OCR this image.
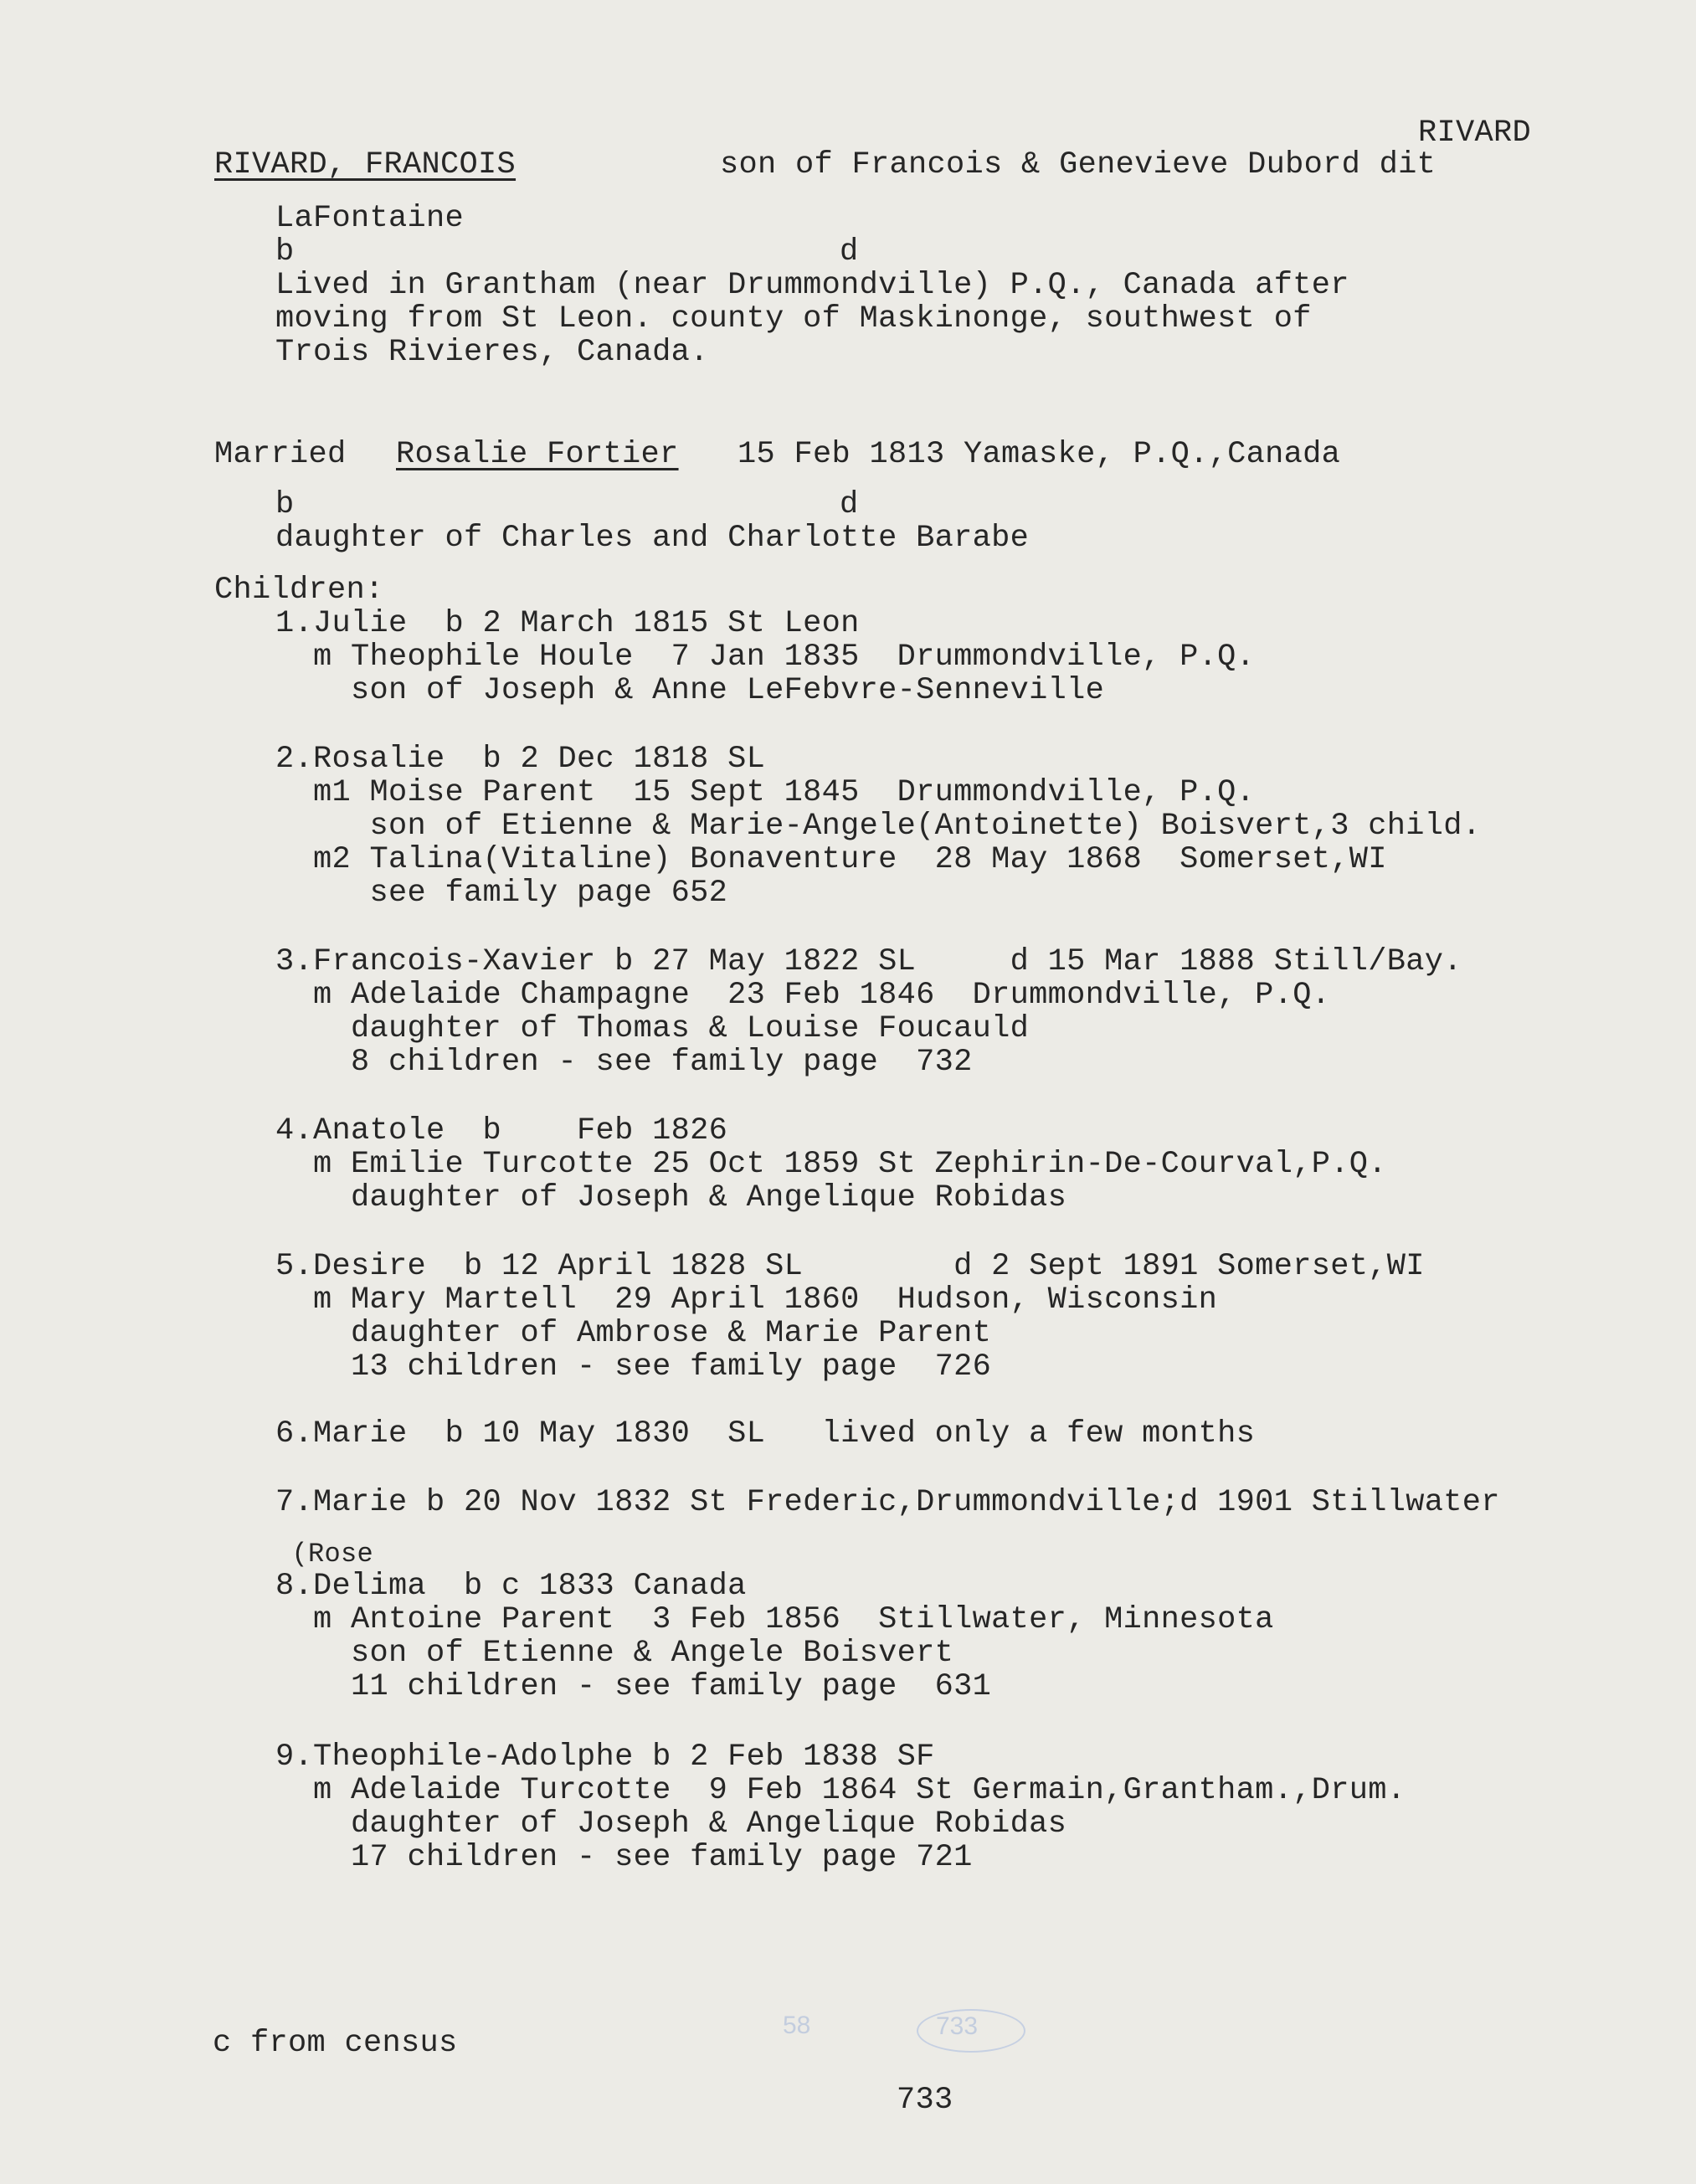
RIVARD
RIVARD, FRANCOIS	son of Francois & Genevieve Dubord dit
LaFontaine
b	d
Lived in Grantham (near Drummondville) P.Q., Canada after
moving from St Leon. county of Maskinonge, southwest of
Trois Rivieres, Canada.
Married Rosalie Fortier 15 Feb 1813 Yamaske, P.Q.,Canada
b	d
daughter of Charles and Charlotte Barabe
Children:
1.Julie  b 2 March 1815 St Leon
m Theophile Houle  7 Jan 1835  Drummondville, P.Q.
son of Joseph & Anne LeFebvre-Senneville
2.Rosalie  b 2 Dec 1818 SL
m1 Moise Parent  15 Sept 1845  Drummondville, P.Q.
son of Etienne & Marie-Angele(Antoinette) Boisvert,3 child.
m2 Talina(Vitaline) Bonaventure  28 May 1868  Somerset,WI
see family page 652
3.Francois-Xavier b 27 May 1822 SL     d 15 Mar 1888 Still/Bay.
m Adelaide Champagne  23 Feb 1846  Drummondville, P.Q.
daughter of Thomas & Louise Foucauld
8 children - see family page  732
4.Anatole  b    Feb 1826
m Emilie Turcotte 25 Oct 1859 St Zephirin-De-Courval,P.Q.
daughter of Joseph & Angelique Robidas
5.Desire  b 12 April 1828 SL        d 2 Sept 1891 Somerset,WI
m Mary Martell  29 April 1860  Hudson, Wisconsin
daughter of Ambrose & Marie Parent
13 children - see family page  726
6.Marie  b 10 May 1830  SL   lived only a few months
7.Marie b 20 Nov 1832 St Frederic,Drummondville;d 1901 Stillwater
(Rose
8.Delima  b c 1833 Canada
m Antoine Parent  3 Feb 1856  Stillwater, Minnesota
son of Etienne & Angele Boisvert
11 children - see family page  631
9.Theophile-Adolphe b 2 Feb 1838 SF
m Adelaide Turcotte  9 Feb 1864 St Germain,Grantham.,Drum.
daughter of Joseph & Angelique Robidas
17 children - see family page 721
c from census
58	733
733
